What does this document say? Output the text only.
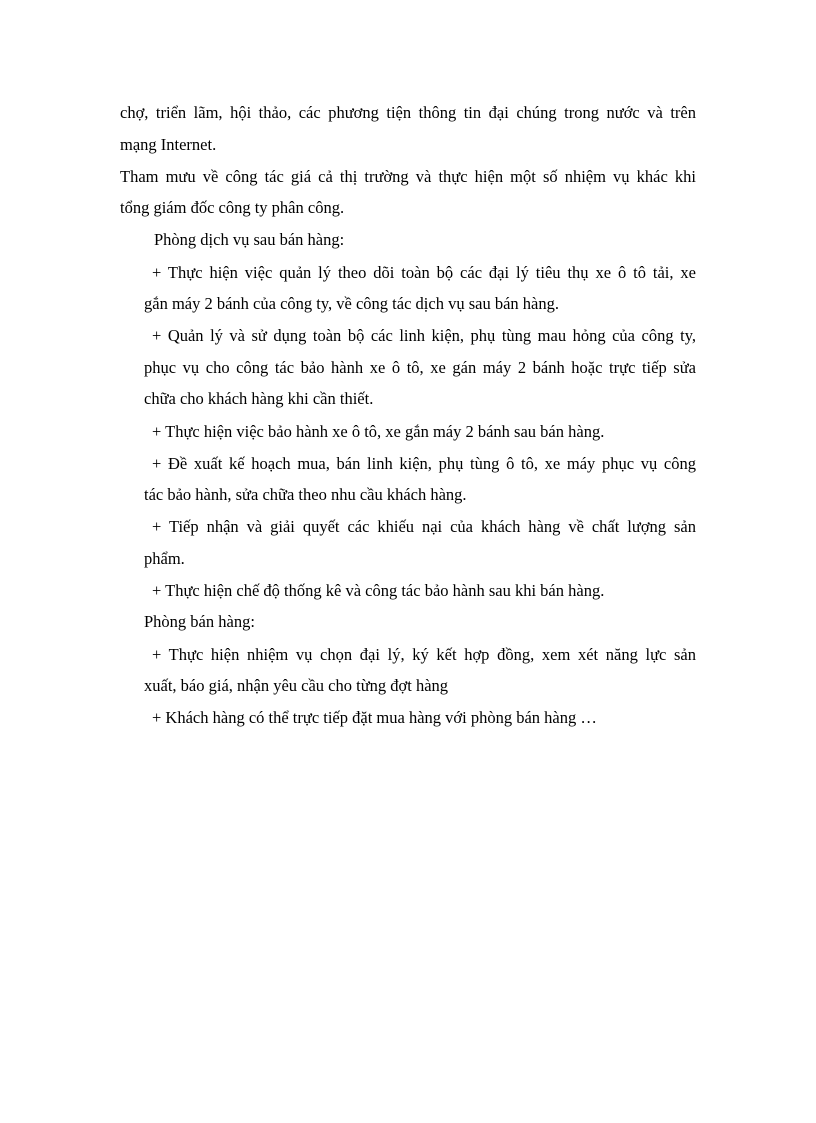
chợ, triển lãm, hội thảo, các phương tiện thông tin đại chúng trong nước và trên
mạng Internet.
Tham mưu về công tác giá cả thị trường và thực hiện một số nhiệm vụ khác khi
tổng giám đốc công ty phân công.
Phòng dịch vụ sau bán hàng:
+ Thực hiện việc quản lý theo dõi toàn bộ các đại lý tiêu thụ xe ô tô tải, xe
gắn máy 2 bánh của công ty, về công tác dịch vụ sau bán hàng.
+ Quản lý và sử dụng toàn bộ các linh kiện, phụ tùng mau hỏng của công ty,
phục vụ cho công tác bảo hành xe ô tô, xe gán máy 2 bánh hoặc trực tiếp sửa
chữa cho khách hàng khi cần thiết.
+ Thực hiện việc bảo hành xe ô tô, xe gắn máy 2 bánh sau bán hàng.
+ Đề xuất kế hoạch mua, bán linh kiện, phụ tùng ô tô, xe máy phục vụ công
tác bảo hành, sửa chữa theo nhu cầu khách hàng.
+ Tiếp nhận và giải quyết các khiếu nại của khách hàng về chất lượng sản
phẩm.
+ Thực hiện chế độ thống kê và công tác bảo hành sau khi bán hàng.
Phòng bán hàng:
+ Thực hiện nhiệm vụ chọn đại lý, ký kết hợp đồng, xem xét năng lực sản
xuất, báo giá, nhận yêu cầu cho từng đợt hàng
+ Khách hàng có thể trực tiếp đặt mua hàng với phòng bán hàng …
